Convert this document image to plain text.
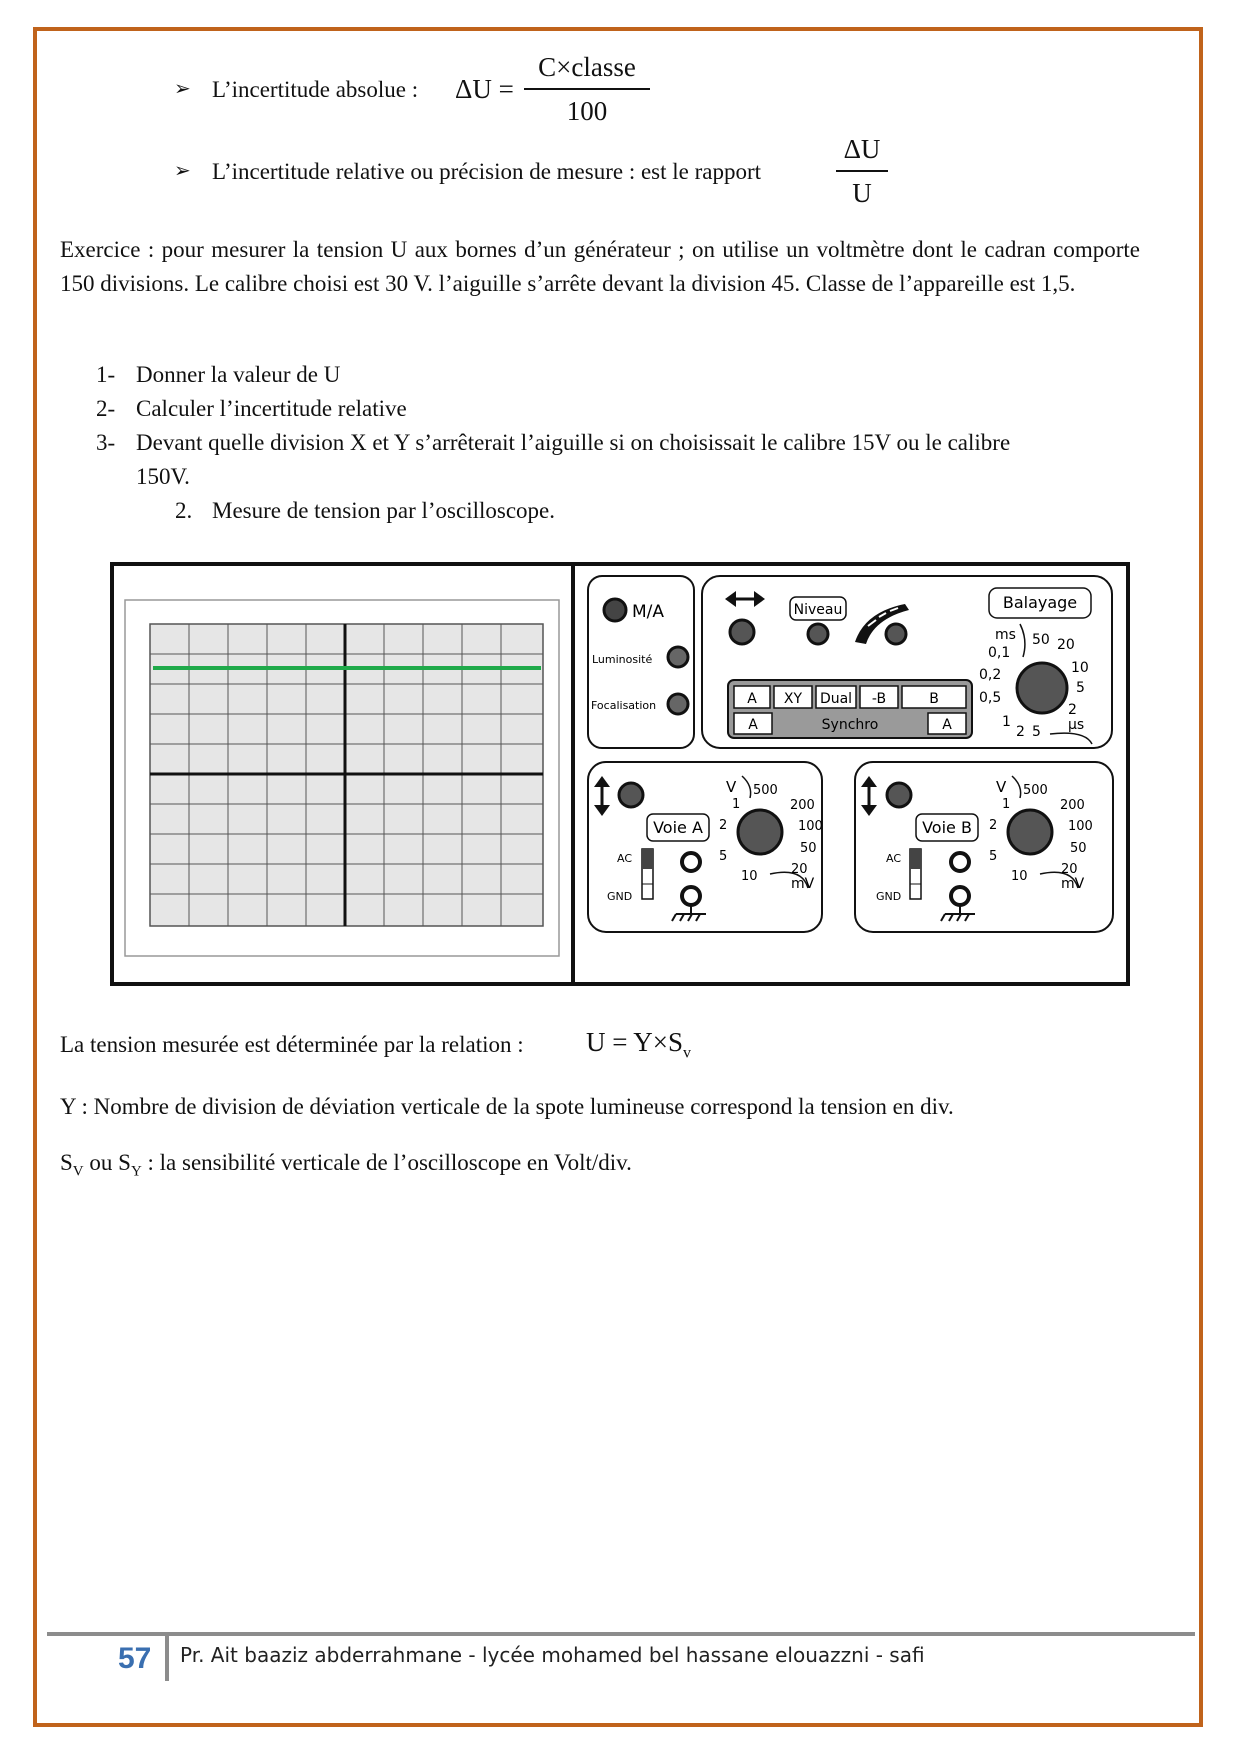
➢ L’incertitude absolue : ΔU =
C×classe
100
➢ L’incertitude relative ou précision de mesure : est le rapport
ΔU
U
Exercice : pour mesurer la tension U aux bornes d’un générateur ; on utilise un voltmètre dont le cadran comporte 150 divisions. Le calibre choisi est 30 V. l’aiguille s’arrête devant la division 45. Classe de l’appareille est 1,5.
1- Donner la valeur de U
2- Calculer l’incertitude relative
3- Devant quelle division X et Y s’arrêterait l’aiguille si on choisissait le calibre 15V ou le calibre
150V.
2. Mesure de tension par l’oscilloscope.
M/A
Luminosité
Focalisation
Niveau	Balayage
ms 50 20
10
5
2
µs
5
2
1
0,5
0,2
0,1
A XY Dual -B	B
A	Synchro	A
Voie A
AC
GND
V 500
200
100
50
20
mV
10
5
2
1
Voie B
AC
GND
V 500
200
100
50
20
mV
10
5
2
1
La tension mesurée est déterminée par la relation : $U = Y\times S_v$
Y : Nombre de division de déviation verticale de la spote lumineuse correspond la tension en div.
$S_V$ ou $S_Y$ : la sensibilité verticale de l’oscilloscope en Volt/div.
57 Pr. Ait baaziz abderrahmane - lycée mohamed bel hassane elouazzni - safi
